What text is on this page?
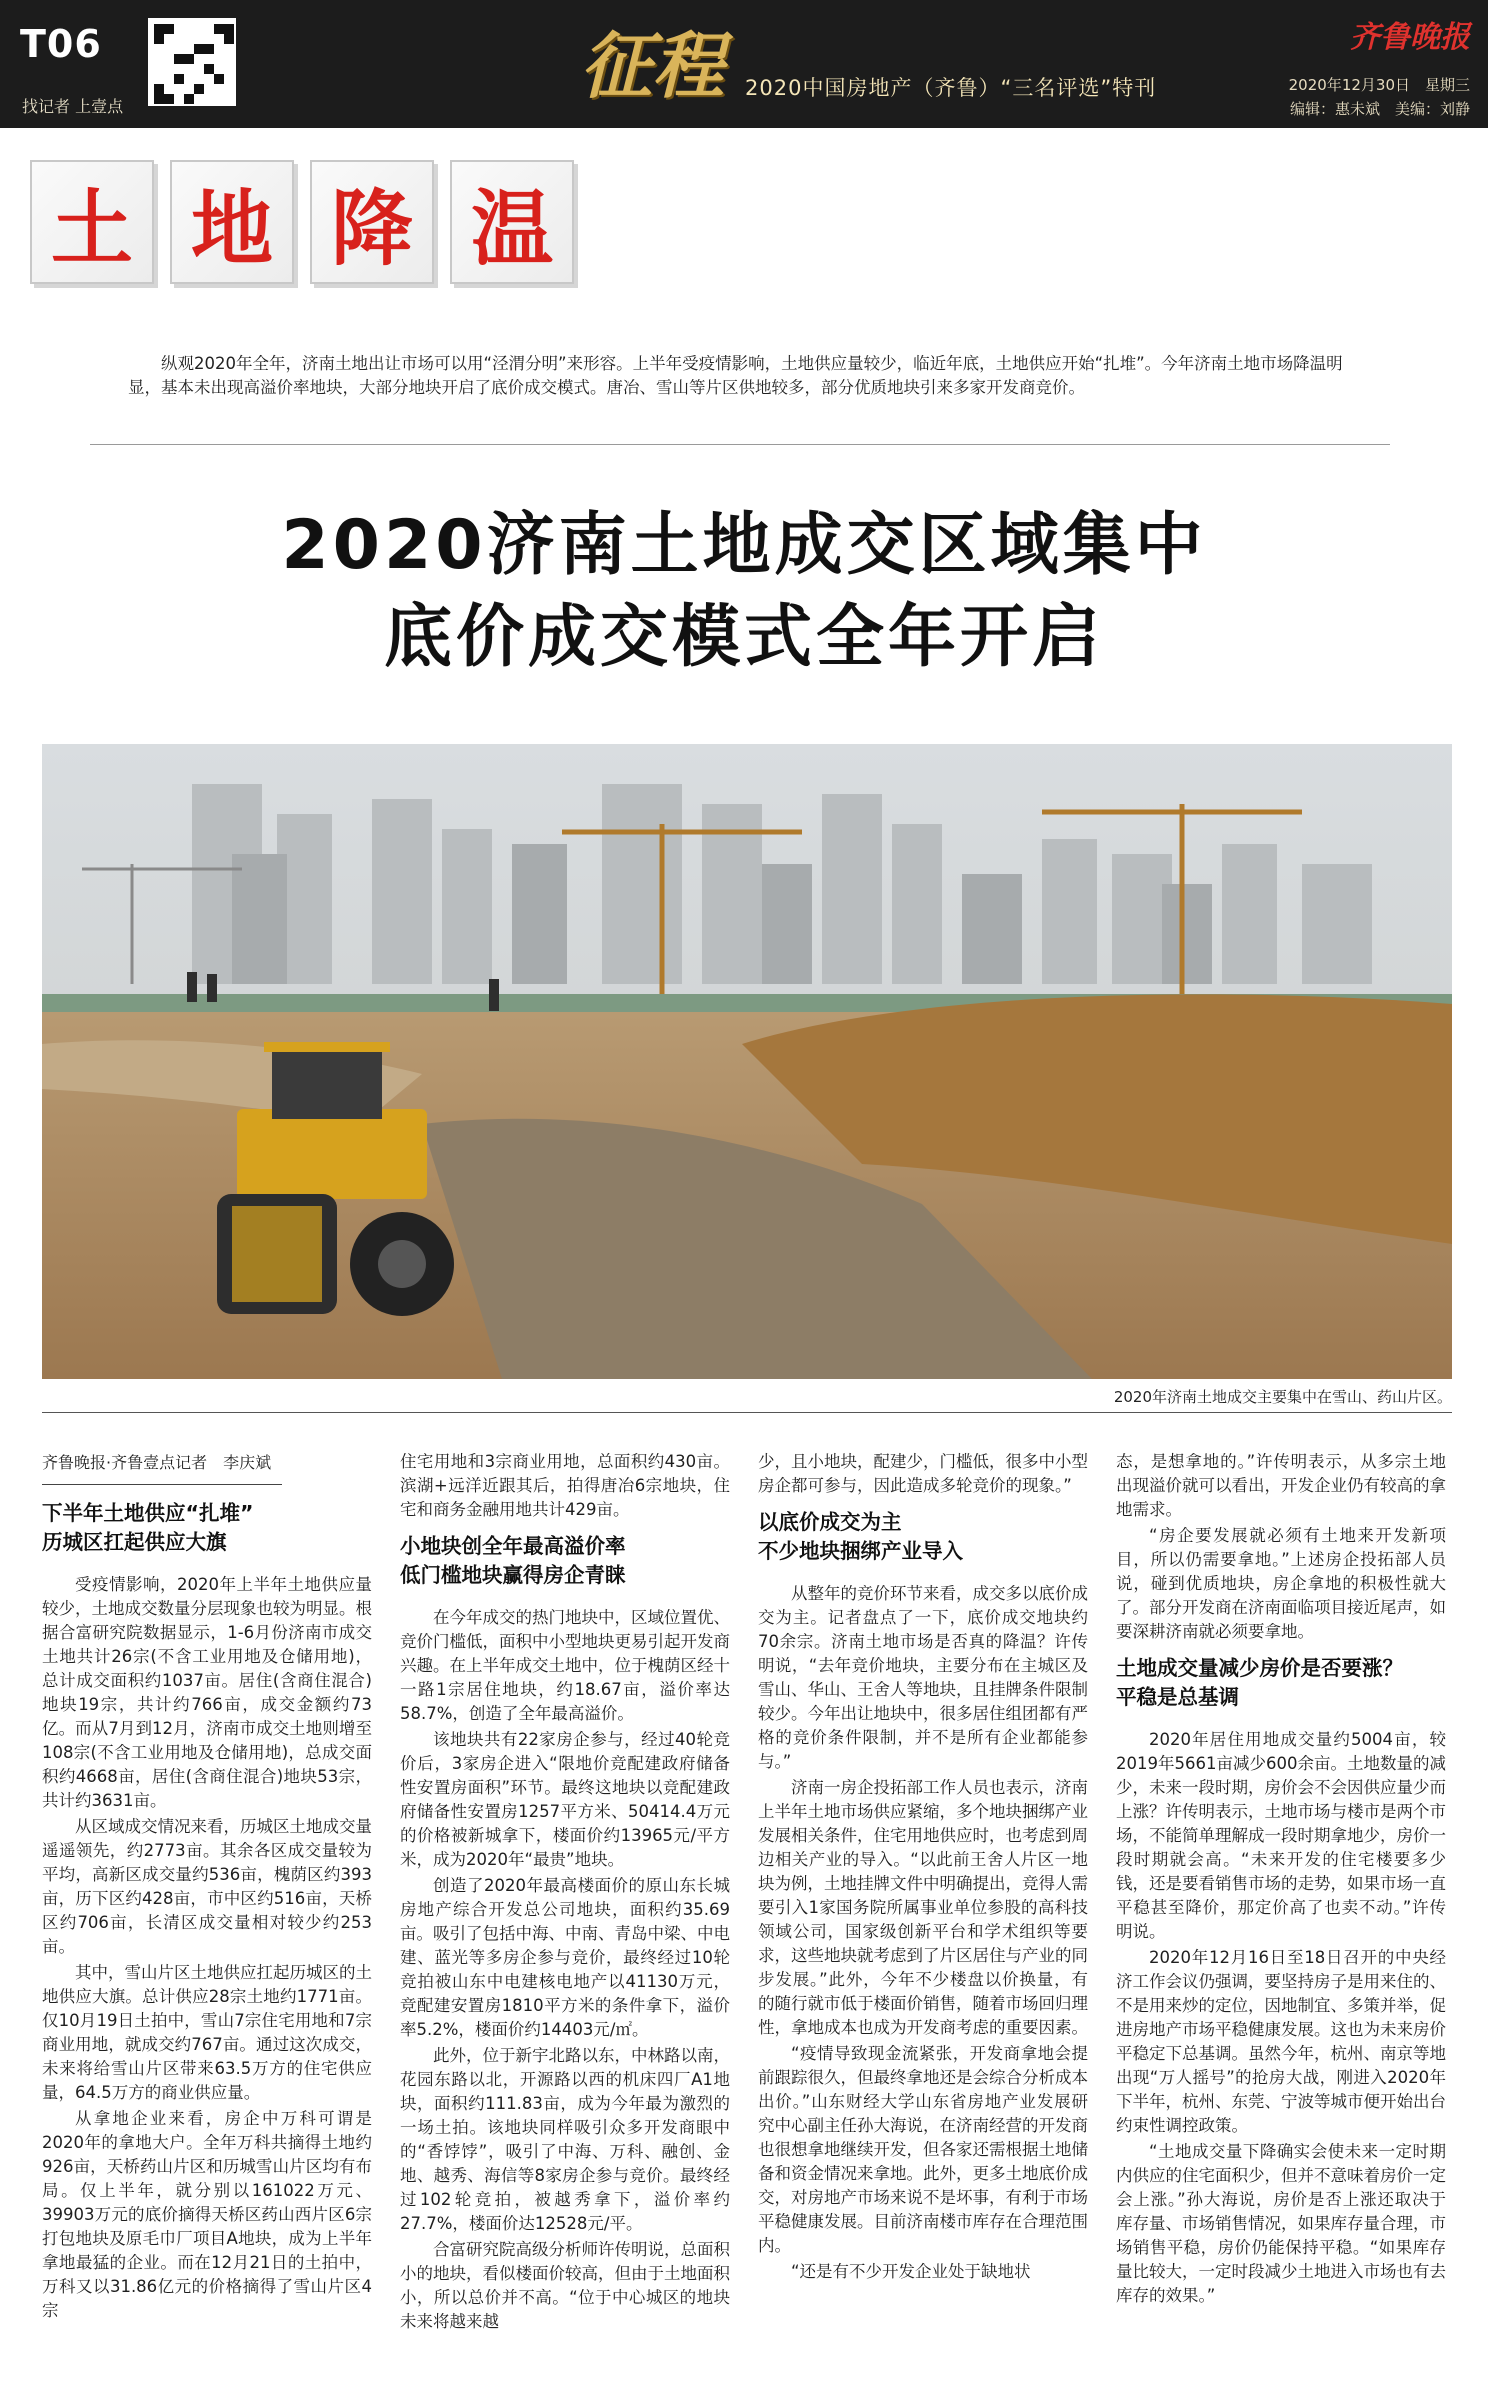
T06
找记者 上壹点	征程 2020中国房地产（齐鲁）“三名评选”特刊
齐鲁晚报
2020年12月30日　星期三
编辑：惠未斌　美编：刘静
土 地 降 温
纵观2020年全年，济南土地出让市场可以用“泾渭分明”来形容。上半年受疫情影响，土地供应量较少，临近年底，土地供应开始“扎堆”。今年济南土地市场降温明显，基本未出现高溢价率地块，大部分地块开启了底价成交模式。唐冶、雪山等片区供地较多，部分优质地块引来多家开发商竞价。
2020济南土地成交区域集中
底价成交模式全年开启
2020年济南土地成交主要集中在雪山、药山片区。
齐鲁晚报·齐鲁壹点记者　李庆斌
下半年土地供应“扎堆”
历城区扛起供应大旗

受疫情影响，2020年上半年土地供应量较少，土地成交数量分层现象也较为明显。根据合富研究院数据显示，1-6月份济南市成交土地共计26宗(不含工业用地及仓储用地)，总计成交面积约1037亩。居住(含商住混合)地块19宗，共计约766亩，成交金额约73亿。而从7月到12月，济南市成交土地则增至108宗(不含工业用地及仓储用地)，总成交面积约4668亩，居住(含商住混合)地块53宗，共计约3631亩。

从区域成交情况来看，历城区土地成交量遥遥领先，约2773亩。其余各区成交量较为平均，高新区成交量约536亩，槐荫区约393亩，历下区约428亩，市中区约516亩，天桥区约706亩，长清区成交量相对较少约253亩。

其中，雪山片区土地供应扛起历城区的土地供应大旗。总计供应28宗土地约1771亩。仅10月19日土拍中，雪山7宗住宅用地和7宗商业用地，就成交约767亩。通过这次成交，未来将给雪山片区带来63.5万方的住宅供应量，64.5万方的商业供应量。

从拿地企业来看，房企中万科可谓是2020年的拿地大户。全年万科共摘得土地约926亩，天桥药山片区和历城雪山片区均有布局。仅上半年，就分别以161022万元、39903万元的底价摘得天桥区药山西片区6宗打包地块及原毛巾厂项目A地块，成为上半年拿地最猛的企业。而在12月21日的土拍中，万科又以31.86亿元的价格摘得了雪山片区4宗

住宅用地和3宗商业用地，总面积约430亩。滨湖+远洋近跟其后，拍得唐冶6宗地块，住宅和商务金融用地共计429亩。

小地块创全年最高溢价率
低门槛地块赢得房企青睐

在今年成交的热门地块中，区域位置优、竞价门槛低，面积中小型地块更易引起开发商兴趣。在上半年成交土地中，位于槐荫区经十一路1宗居住地块，约18.67亩，溢价率达58.7%，创造了全年最高溢价。

该地块共有22家房企参与，经过40轮竞价后，3家房企进入“限地价竞配建政府储备性安置房面积”环节。最终这地块以竞配建政府储备性安置房1257平方米、50414.4万元的价格被新城拿下，楼面价约13965元/平方米，成为2020年“最贵”地块。

创造了2020年最高楼面价的原山东长城房地产综合开发总公司地块，面积约35.69亩。吸引了包括中海、中南、青岛中梁、中电建、蓝光等多房企参与竞价，最终经过10轮竞拍被山东中电建核电地产以41130万元，竞配建安置房1810平方米的条件拿下，溢价率5.2%，楼面价约14403元/㎡。

此外，位于新宇北路以东，中林路以南，花园东路以北，开源路以西的机床四厂A1地块，面积约111.83亩，成为今年最为激烈的一场土拍。该地块同样吸引众多开发商眼中的“香饽饽”，吸引了中海、万科、融创、金地、越秀、海信等8家房企参与竞价。最终经过102轮竞拍，被越秀拿下，溢价率约27.7%，楼面价达12528元/平。

合富研究院高级分析师许传明说，总面积小的地块，看似楼面价较高，但由于土地面积小，所以总价并不高。“位于中心城区的地块未来将越来越

少，且小地块，配建少，门槛低，很多中小型房企都可参与，因此造成多轮竞价的现象。”

以底价成交为主
不少地块捆绑产业导入

从整年的竞价环节来看，成交多以底价成交为主。记者盘点了一下，底价成交地块约70余宗。济南土地市场是否真的降温？许传明说，“去年竞价地块，主要分布在主城区及雪山、华山、王舍人等地块，且挂牌条件限制较少。今年出让地块中，很多居住组团都有严格的竞价条件限制，并不是所有企业都能参与。”

济南一房企投拓部工作人员也表示，济南上半年土地市场供应紧缩，多个地块捆绑产业发展相关条件，住宅用地供应时，也考虑到周边相关产业的导入。“以此前王舍人片区一地块为例，土地挂牌文件中明确提出，竞得人需要引入1家国务院所属事业单位参股的高科技领域公司，国家级创新平台和学术组织等要求，这些地块就考虑到了片区居住与产业的同步发展。”此外，今年不少楼盘以价换量，有的随行就市低于楼面价销售，随着市场回归理性，拿地成本也成为开发商考虑的重要因素。

“疫情导致现金流紧张，开发商拿地会提前跟踪很久，但最终拿地还是会综合分析成本出价。”山东财经大学山东省房地产业发展研究中心副主任孙大海说，在济南经营的开发商也很想拿地继续开发，但各家还需根据土地储备和资金情况来拿地。此外，更多土地底价成交，对房地产市场来说不是坏事，有利于市场平稳健康发展。目前济南楼市库存在合理范围内。

“还是有不少开发企业处于缺地状

态，是想拿地的。”许传明表示，从多宗土地出现溢价就可以看出，开发企业仍有较高的拿地需求。

“房企要发展就必须有土地来开发新项目，所以仍需要拿地。”上述房企投拓部人员说，碰到优质地块，房企拿地的积极性就大了。部分开发商在济南面临项目接近尾声，如要深耕济南就必须要拿地。

土地成交量减少房价是否要涨？
平稳是总基调

2020年居住用地成交量约5004亩，较2019年5661亩减少600余亩。土地数量的减少，未来一段时期，房价会不会因供应量少而上涨？许传明表示，土地市场与楼市是两个市场，不能简单理解成一段时期拿地少，房价一段时期就会高。“未来开发的住宅楼要多少钱，还是要看销售市场的走势，如果市场一直平稳甚至降价，那定价高了也卖不动。”许传明说。

2020年12月16日至18日召开的中央经济工作会议仍强调，要坚持房子是用来住的、不是用来炒的定位，因地制宜、多策并举，促进房地产市场平稳健康发展。这也为未来房价平稳定下总基调。虽然今年，杭州、南京等地出现“万人摇号”的抢房大战，刚进入2020年下半年，杭州、东莞、宁波等城市便开始出台约束性调控政策。

“土地成交量下降确实会使未来一定时期内供应的住宅面积少，但并不意味着房价一定会上涨。”孙大海说，房价是否上涨还取决于库存量、市场销售情况，如果库存量合理，市场销售平稳，房价仍能保持平稳。“如果库存量比较大，一定时段减少土地进入市场也有去库存的效果。”
